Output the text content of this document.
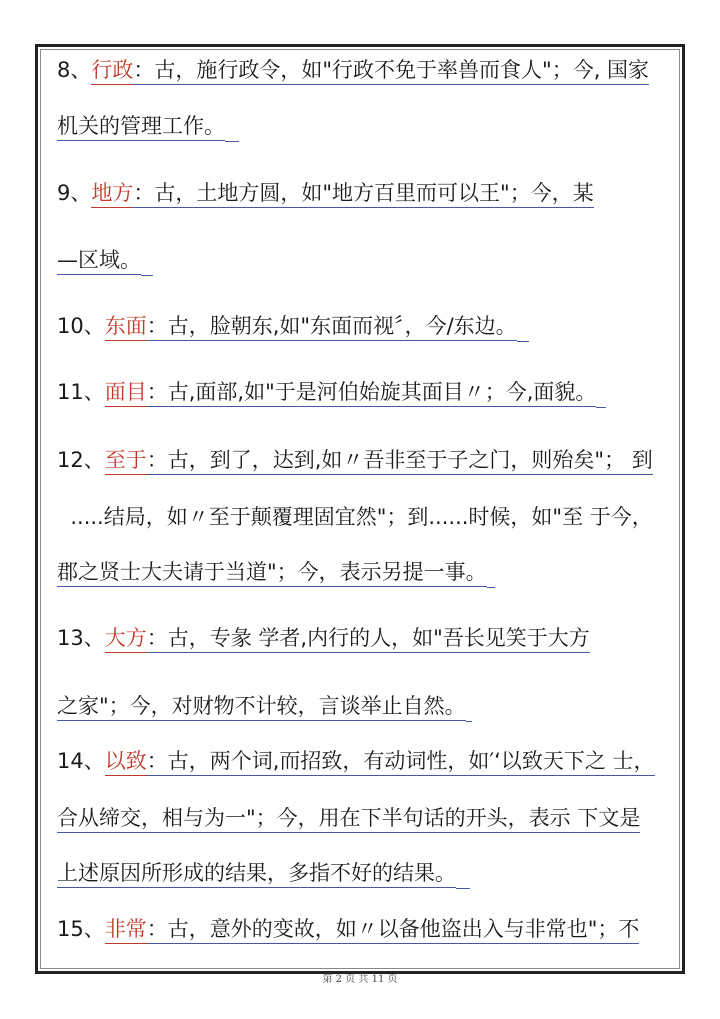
8、行政：古，施行政令，如"行政不免于率兽而食人"；今, 国家
机关的管理工作。
9、地方：古，土地方圆，如"地方百里而可以王"；今，某
—区域。
10、东面：古，脸朝东,如"东面而视〞，今/东边。
11、面目：古,面部,如"于是河伯始旋其面目〃；今,面貌。
12、至于：古，到了，达到,如〃吾非至于子之门，则殆矣"； 到
.....结局，如〃至于颠覆理固宜然"；到......时候，如"至 于今，
郡之贤士大夫请于当道"；今，表示另提一事。
13、大方：古，专彖 学者,内行的人，如"吾长见笑于大方
之家"；今，对财物不计较，言谈举止自然。
14、以致：古，两个词,而招致，有动词性，如′‘以致天下之 士，
合从缔交，相与为一"；今，用在下半句话的开头，表示 下文是
上述原因所形成的结果，多指不好的结果。
15、非常：古，意外的变故，如〃以备他盗出入与非常也"；不
第 2 页 共 11 页
